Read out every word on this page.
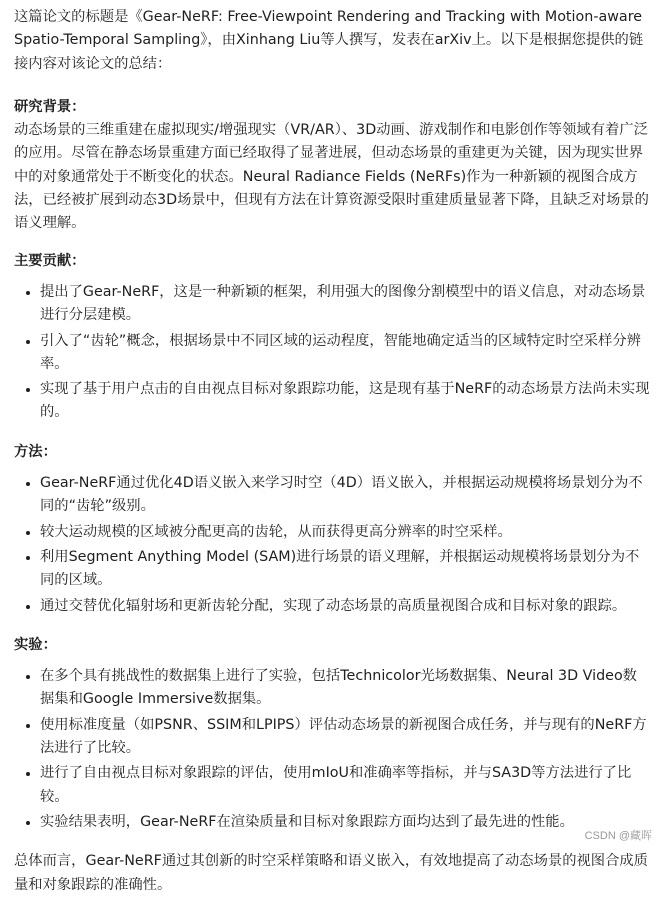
这篇论文的标题是《Gear-NeRF: Free-Viewpoint Rendering and Tracking with Motion-aware Spatio-Temporal Sampling》，由Xinhang Liu等人撰写，发表在arXiv上。以下是根据您提供的链接内容对该论文的总结：

研究背景：

动态场景的三维重建在虚拟现实/增强现实（VR/AR）、3D动画、游戏制作和电影创作等领域有着广泛的应用。尽管在静态场景重建方面已经取得了显著进展，但动态场景的重建更为关键，因为现实世界中的对象通常处于不断变化的状态。Neural Radiance Fields (NeRFs)作为一种新颖的视图合成方法，已经被扩展到动态3D场景中，但现有方法在计算资源受限时重建质量显著下降，且缺乏对场景的语义理解。

主要贡献：

• 提出了Gear-NeRF，这是一种新颖的框架，利用强大的图像分割模型中的语义信息，对动态场景进行分层建模。
• 引入了“齿轮”概念，根据场景中不同区域的运动程度，智能地确定适当的区域特定时空采样分辨率。
• 实现了基于用户点击的自由视点目标对象跟踪功能，这是现有基于NeRF的动态场景方法尚未实现的。

方法：

• Gear-NeRF通过优化4D语义嵌入来学习时空（4D）语义嵌入，并根据运动规模将场景划分为不同的“齿轮”级别。
• 较大运动规模的区域被分配更高的齿轮，从而获得更高分辨率的时空采样。
• 利用Segment Anything Model (SAM)进行场景的语义理解，并根据运动规模将场景划分为不同的区域。
• 通过交替优化辐射场和更新齿轮分配，实现了动态场景的高质量视图合成和目标对象的跟踪。

实验：

• 在多个具有挑战性的数据集上进行了实验，包括Technicolor光场数据集、Neural 3D Video数据集和Google Immersive数据集。
• 使用标准度量（如PSNR、SSIM和LPIPS）评估动态场景的新视图合成任务，并与现有的NeRF方法进行了比较。
• 进行了自由视点目标对象跟踪的评估，使用mIoU和准确率等指标，并与SA3D等方法进行了比较。
• 实验结果表明，Gear-NeRF在渲染质量和目标对象跟踪方面均达到了最先进的性能。

总体而言，Gear-NeRF通过其创新的时空采样策略和语义嵌入，有效地提高了动态场景的视图合成质量和对象跟踪的准确性。

CSDN @藏晖
